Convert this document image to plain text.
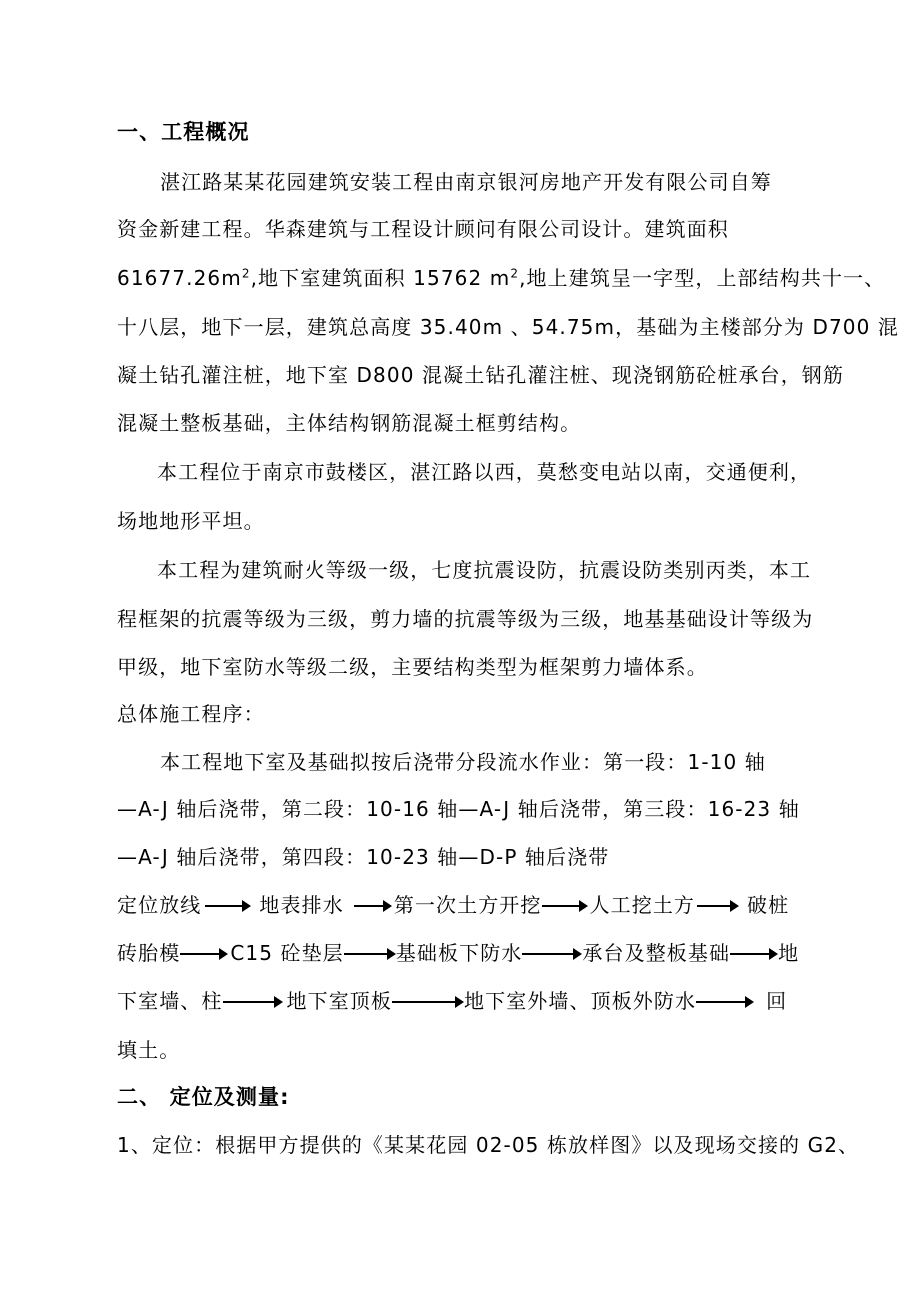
一、工程概况
湛江路某某花园建筑安装工程由南京银河房地产开发有限公司自筹
资金新建工程。华森建筑与工程设计顾问有限公司设计。建筑面积
$61677.26m^2$,地下室建筑面积 15762 $m^2$,地上建筑呈一字型，上部结构共十一、
十八层，地下一层，建筑总高度 35.40m 、54.75m，基础为主楼部分为 D700 混
凝土钻孔灌注桩，地下室 D800 混凝土钻孔灌注桩、现浇钢筋砼桩承台，钢筋
混凝土整板基础，主体结构钢筋混凝土框剪结构。
本工程位于南京市鼓楼区，湛江路以西，莫愁变电站以南，交通便利，
场地地形平坦。
本工程为建筑耐火等级一级，七度抗震设防，抗震设防类别丙类，本工
程框架的抗震等级为三级，剪力墙的抗震等级为三级，地基基础设计等级为
甲级，地下室防水等级二级，主要结构类型为框架剪力墙体系。
总体施工程序：
本工程地下室及基础拟按后浇带分段流水作业：第一段：1-10 轴
—A-J 轴后浇带，第二段：10-16 轴—A-J 轴后浇带，第三段：16-23 轴
—A-J 轴后浇带，第四段：10-23 轴—D-P 轴后浇带
定位放线	地表排水	第一次土方开挖 人工挖土方	破桩
砖胎模	C15 砼垫层	基础板下防水	承台及整板基础 地
下室墙、柱	地下室顶板	地下室外墙、顶板外防水	回
填土。
二、 定位及测量:
1、定位：根据甲方提供的《某某花园 02-05 栋放样图》以及现场交接的 G2、
